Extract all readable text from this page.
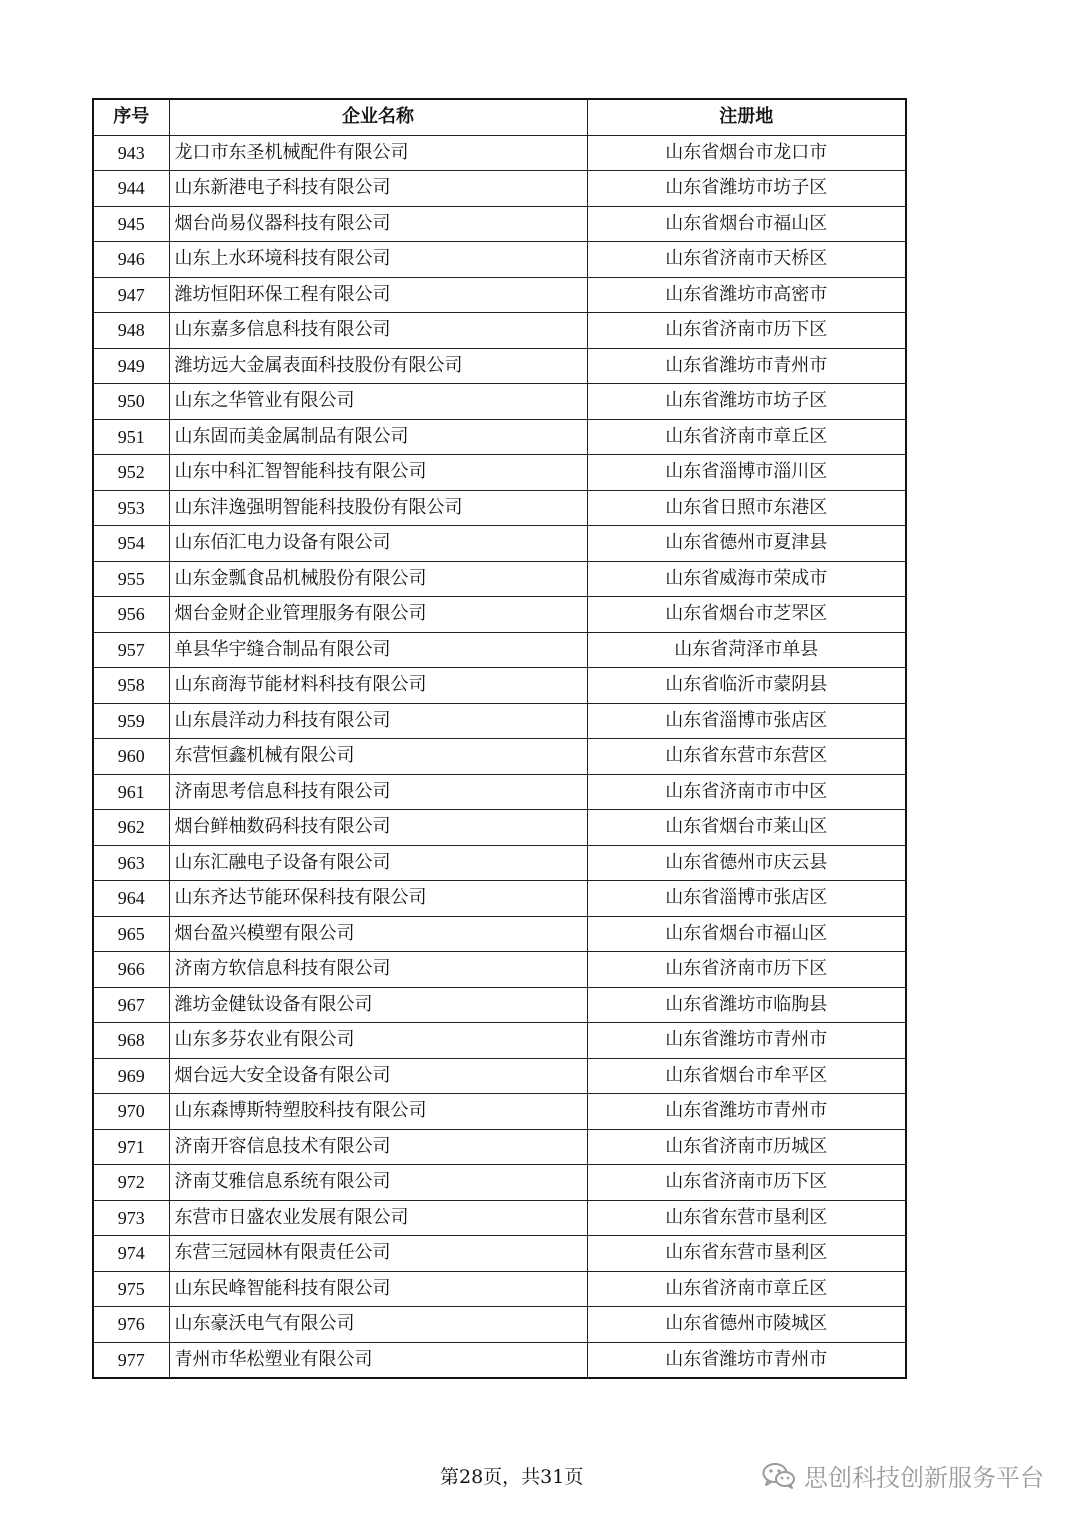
序号	企业名称	注册地
943	龙口市东圣机械配件有限公司	山东省烟台市龙口市
944	山东新港电子科技有限公司	山东省潍坊市坊子区
945	烟台尚易仪器科技有限公司	山东省烟台市福山区
946	山东上水环境科技有限公司	山东省济南市天桥区
947	潍坊恒阳环保工程有限公司	山东省潍坊市高密市
948	山东嘉多信息科技有限公司	山东省济南市历下区
949	潍坊远大金属表面科技股份有限公司	山东省潍坊市青州市
950	山东之华管业有限公司	山东省潍坊市坊子区
951	山东固而美金属制品有限公司	山东省济南市章丘区
952	山东中科汇智智能科技有限公司	山东省淄博市淄川区
953	山东沣逸强明智能科技股份有限公司	山东省日照市东港区
954	山东佰汇电力设备有限公司	山东省德州市夏津县
955	山东金瓢食品机械股份有限公司	山东省威海市荣成市
956	烟台金财企业管理服务有限公司	山东省烟台市芝罘区
957	单县华宇缝合制品有限公司	山东省菏泽市单县
958	山东商海节能材料科技有限公司	山东省临沂市蒙阴县
959	山东晨洋动力科技有限公司	山东省淄博市张店区
960	东营恒鑫机械有限公司	山东省东营市东营区
961	济南思考信息科技有限公司	山东省济南市市中区
962	烟台鲜柚数码科技有限公司	山东省烟台市莱山区
963	山东汇融电子设备有限公司	山东省德州市庆云县
964	山东齐达节能环保科技有限公司	山东省淄博市张店区
965	烟台盈兴模塑有限公司	山东省烟台市福山区
966	济南方软信息科技有限公司	山东省济南市历下区
967	潍坊金健钛设备有限公司	山东省潍坊市临朐县
968	山东多芬农业有限公司	山东省潍坊市青州市
969	烟台远大安全设备有限公司	山东省烟台市牟平区
970	山东森博斯特塑胶科技有限公司	山东省潍坊市青州市
971	济南开容信息技术有限公司	山东省济南市历城区
972	济南艾雅信息系统有限公司	山东省济南市历下区
973	东营市日盛农业发展有限公司	山东省东营市垦利区
974	东营三冠园林有限责任公司	山东省东营市垦利区
975	山东民峰智能科技有限公司	山东省济南市章丘区
976	山东豪沃电气有限公司	山东省德州市陵城区
977	青州市华松塑业有限公司	山东省潍坊市青州市
第28页，共31页	思创科技创新服务平台
